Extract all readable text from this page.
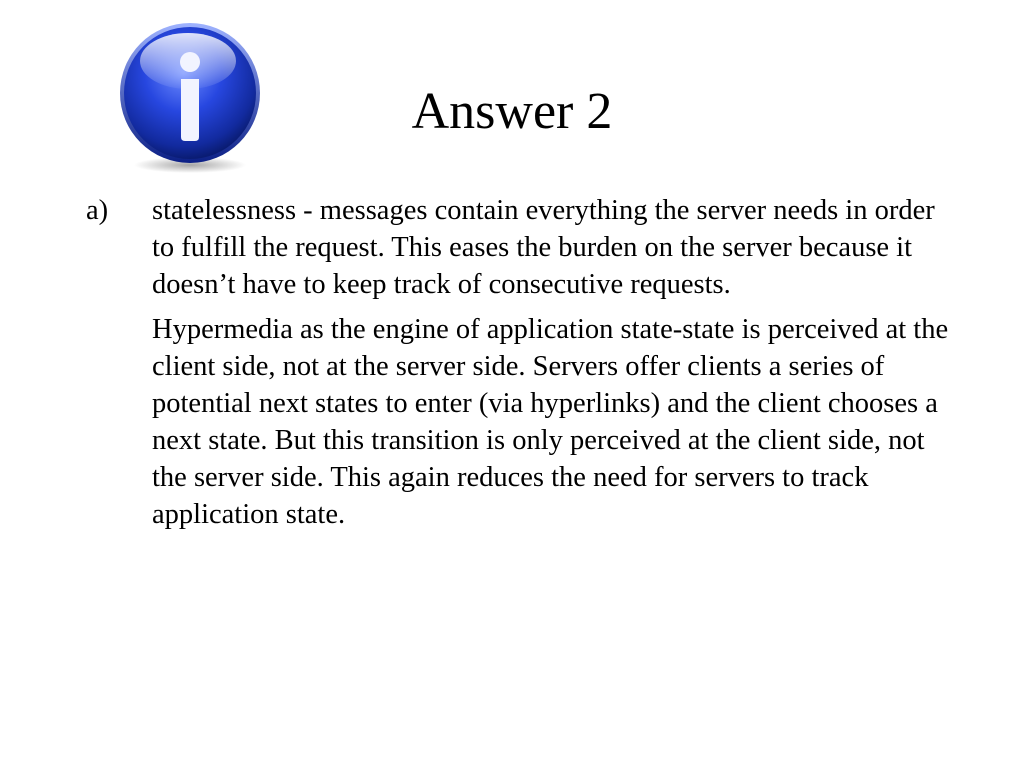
Answer 2
a)	statelessness - messages contain everything the server needs in order to fulfill the request. This eases the burden on the server because it doesn’t have to keep track of consecutive requests.
Hypermedia as the engine of application state-state is perceived at the client side, not at the server side. Servers offer clients a series of potential next states to enter (via hyperlinks) and the client chooses a next state. But this transition is only perceived at the client side, not the server side. This again reduces the need for servers to track application state.
